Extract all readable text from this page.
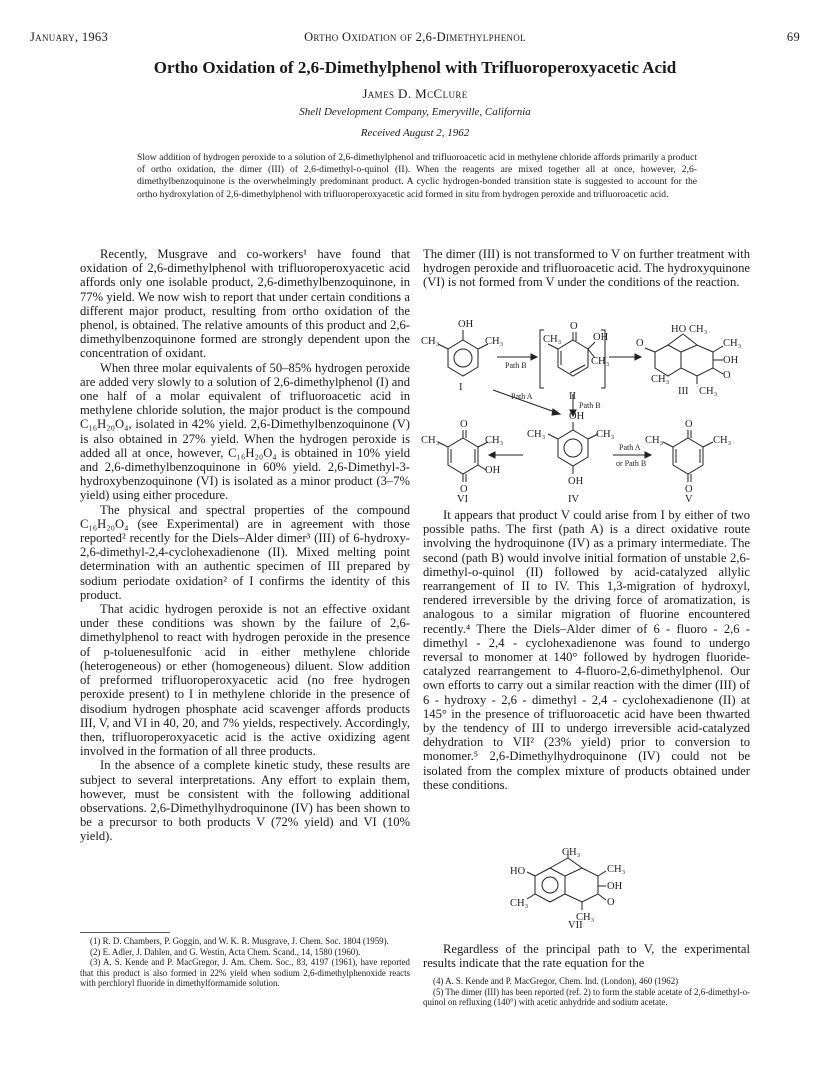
January, 1963	Ortho Oxidation of 2,6-Dimethylphenol	69
Ortho Oxidation of 2,6-Dimethylphenol with Trifluoroperoxyacetic Acid
James D. McClure
Shell Development Company, Emeryville, California
Received August 2, 1962
Slow addition of hydrogen peroxide to a solution of 2,6-dimethylphenol and trifluoroacetic acid in methylene chloride affords primarily a product of ortho oxidation, the dimer (III) of 2,6-dimethyl-o-quinol (II). When the reagents are mixed together all at once, however, 2,6-dimethylbenzoquinone is the overwhelmingly predominant product. A cyclic hydrogen-bonded transition state is suggested to account for the ortho hydroxylation of 2,6-dimethylphenol with trifluoroperoxyacetic acid formed in situ from hydrogen peroxide and trifluoroacetic acid.

Recently, Musgrave and co-workers¹ have found that oxidation of 2,6-dimethylphenol with trifluoroperoxyacetic acid affords only one isolable product, 2,6-dimethylbenzoquinone, in 77% yield. We now wish to report that under certain conditions a different major product, resulting from ortho oxidation of the phenol, is obtained. The relative amounts of this product and 2,6-dimethylbenzoquinone formed are strongly dependent upon the concentration of oxidant.

When three molar equivalents of 50–85% hydrogen peroxide are added very slowly to a solution of 2,6-dimethylphenol (I) and one half of a molar equivalent of trifluoroacetic acid in methylene chloride solution, the major product is the compound C₁₆H₂₀O₄, isolated in 42% yield. 2,6-Dimethylbenzoquinone (V) is also obtained in 27% yield. When the hydrogen peroxide is added all at once, however, C₁₆H₂₀O₄ is obtained in 10% yield and 2,6-dimethylbenzoquinone in 60% yield. 2,6-Dimethyl-3-hydroxybenzoquinone (VI) is isolated as a minor product (3–7% yield) using either procedure.

The physical and spectral properties of the compound C₁₆H₂₀O₄ (see Experimental) are in agreement with those reported² recently for the Diels–Alder dimer³ (III) of 6-hydroxy-2,6-dimethyl-2,4-cyclohexadienone (II). Mixed melting point determination with an authentic specimen of III prepared by sodium periodate oxidation² of I confirms the identity of this product.

That acidic hydrogen peroxide is not an effective oxidant under these conditions was shown by the failure of 2,6-dimethylphenol to react with hydrogen peroxide in the presence of p-toluenesulfonic acid in either methylene chloride (heterogeneous) or ether (homogeneous) diluent. Slow addition of preformed trifluoroperoxyacetic acid (no free hydrogen peroxide present) to I in methylene chloride in the presence of disodium hydrogen phosphate acid scavenger affords products III, V, and VI in 40, 20, and 7% yields, respectively. Accordingly, then, trifluoroperoxyacetic acid is the active oxidizing agent involved in the formation of all three products.

In the absence of a complete kinetic study, these results are subject to several interpretations. Any effort to explain them, however, must be consistent with the following additional observations. 2,6-Dimethylhydroquinone (IV) has been shown to be a precursor to both products V (72% yield) and VI (10% yield).

The dimer (III) is not transformed to V on further treatment with hydrogen peroxide and trifluoroacetic acid. The hydroxyquinone (VI) is not formed from V under the conditions of the reaction.

OH
CH₃	CH₃
I
Path B
O
CH₃	OH
CH₃
II
HO CH₃
O	CH₃
OH
O
CH₃
CH₃
III
Path A
Path B
O
CH₃	CH₃
OH
O
OH
CH₃	CH₃
OH
Path A
or Path B
O
CH₃	CH₃
O
VI	IV	V

It appears that product V could arise from I by either of two possible paths. The first (path A) is a direct oxidative route involving the hydroquinone (IV) as a primary intermediate. The second (path B) would involve initial formation of unstable 2,6-dimethyl-o-quinol (II) followed by acid-catalyzed allylic rearrangement of II to IV. This 1,3-migration of hydroxyl, rendered irreversible by the driving force of aromatization, is analogous to a similar migration of fluorine encountered recently.⁴ There the Diels–Alder dimer of 6 - fluoro - 2,6 - dimethyl - 2,4 - cyclohexadienone was found to undergo reversal to monomer at 140° followed by hydrogen fluoride-catalyzed rearrangement to 4-fluoro-2,6-dimethylphenol. Our own efforts to carry out a similar reaction with the dimer (III) of 6 - hydroxy - 2,6 - dimethyl - 2,4 - cyclohexadienone (II) at 145° in the presence of trifluoroacetic acid have been thwarted by the tendency of III to undergo irreversible acid-catalyzed dehydration to VII² (23% yield) prior to conversion to monomer.⁵ 2,6-Dimethylhydroquinone (IV) could not be isolated from the complex mixture of products obtained under these conditions.

CH₃
HO
CH₃
CH₃
OH
O
CH₃
VII

Regardless of the principal path to V, the experimental results indicate that the rate equation for the

(1) R. D. Chambers, P. Goggin, and W. K. R. Musgrave, J. Chem. Soc. 1804 (1959).

(2) E. Adler, J. Dahlen, and G. Westin, Acta Chem. Scand., 14, 1580 (1960).

(3) A. S. Kende and P. MacGregor, J. Am. Chem. Soc., 83, 4197 (1961), have reported that this product is also formed in 22% yield when sodium 2,6-dimethylphenoxide reacts with perchloryl fluoride in dimethylformamide solution.	(4) A. S. Kende and P. MacGregor, Chem. Ind. (London), 460 (1962)

(5) The dimer (III) has been reported (ref. 2) to form the stable acetate of 2,6-dimethyl-o-quinol on refluxing (140°) with acetic anhydride and sodium acetate.
